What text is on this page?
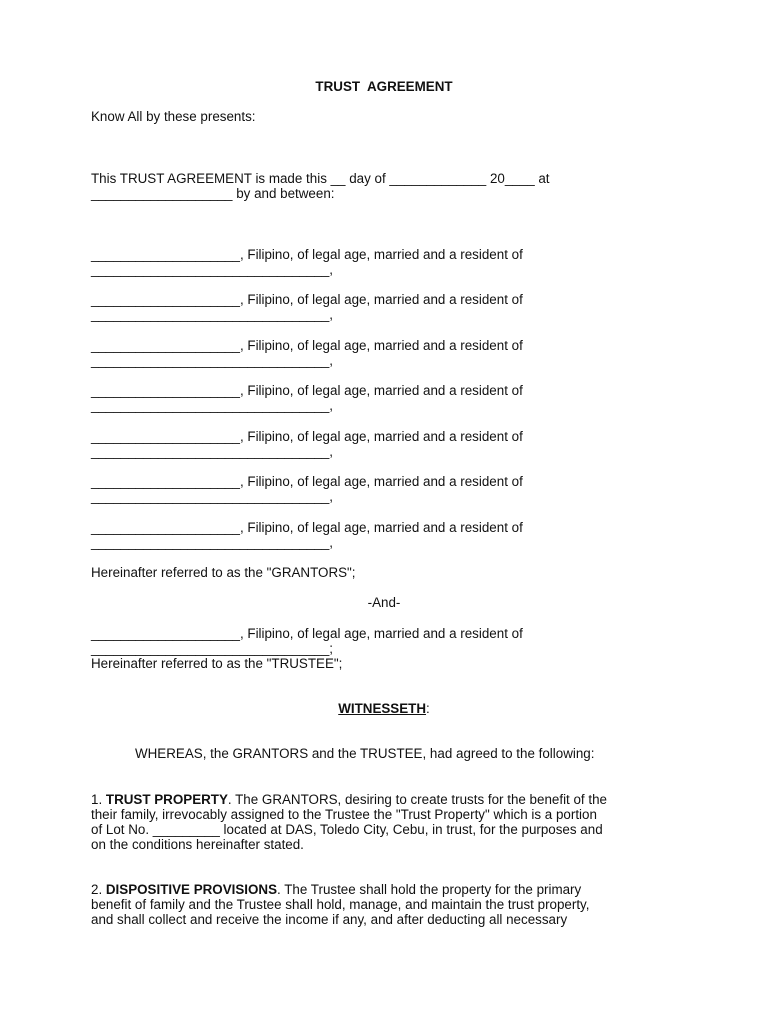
TRUST  AGREEMENT
Know All by these presents:
This TRUST AGREEMENT is made this __ day of _____________ 20____ at
___________________ by and between:
____________________, Filipino, of legal age, married and a resident of
________________________________,
____________________, Filipino, of legal age, married and a resident of
________________________________,
____________________, Filipino, of legal age, married and a resident of
________________________________,
____________________, Filipino, of legal age, married and a resident of
________________________________,
____________________, Filipino, of legal age, married and a resident of
________________________________,
____________________, Filipino, of legal age, married and a resident of
________________________________,
____________________, Filipino, of legal age, married and a resident of
________________________________,
Hereinafter referred to as the "GRANTORS";
-And-
____________________, Filipino, of legal age, married and a resident of
________________________________;
Hereinafter referred to as the "TRUSTEE";
WITNESSETH:
WHEREAS, the GRANTORS and the TRUSTEE, had agreed to the following:
1. TRUST PROPERTY. The GRANTORS, desiring to create trusts for the benefit of the
their family, irrevocably assigned to the Trustee the "Trust Property" which is a portion
of Lot No. _________ located at DAS, Toledo City, Cebu, in trust, for the purposes and
on the conditions hereinafter stated.
2. DISPOSITIVE PROVISIONS. The Trustee shall hold the property for the primary
benefit of family and the Trustee shall hold, manage, and maintain the trust property,
and shall collect and receive the income if any, and after deducting all necessary
